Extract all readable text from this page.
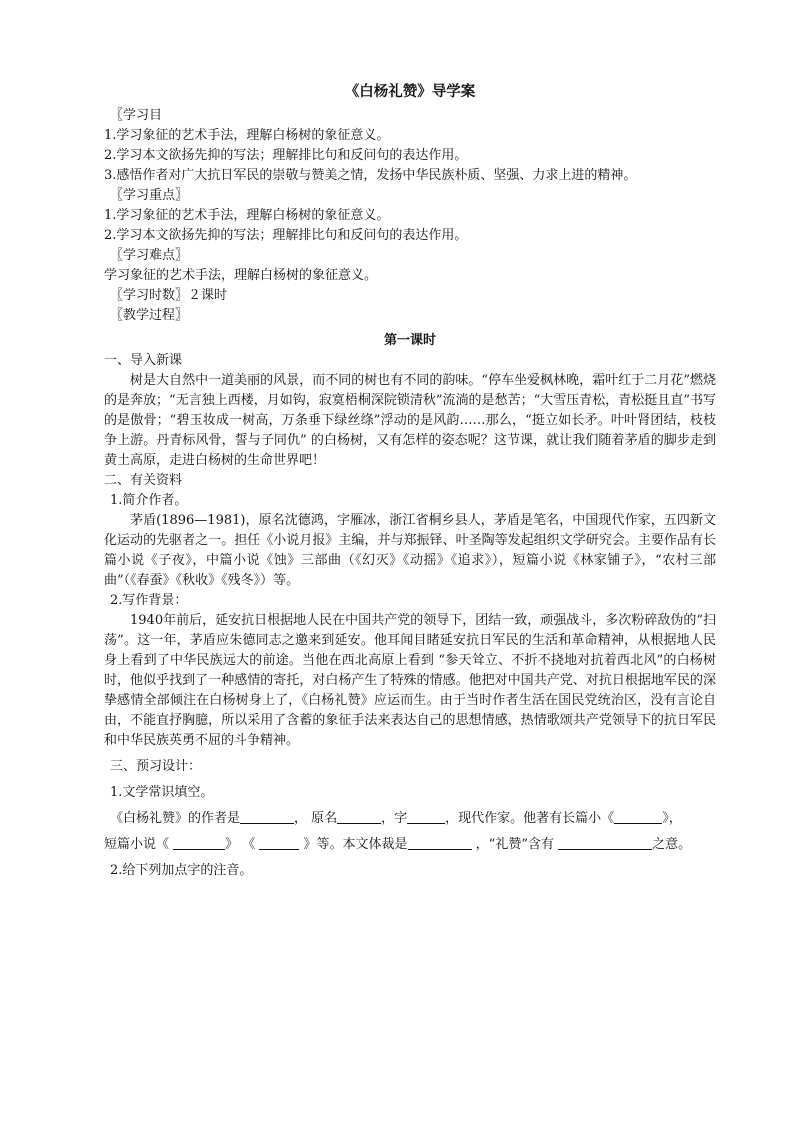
《白杨礼赞》导学案

〖学习目

1.学习象征的艺术手法，理解白杨树的象征意义。

2.学习本文欲扬先抑的写法；理解排比句和反问句的表达作用。

3.感悟作者对广大抗日军民的崇敬与赞美之情，发扬中华民族朴质、坚强、力求上进的精神。

〖学习重点〗

1.学习象征的艺术手法，理解白杨树的象征意义。

2.学习本文欲扬先抑的写法；理解排比句和反问句的表达作用。

〖学习难点〗

学习象征的艺术手法，理解白杨树的象征意义。

〖学习时数〗２课时

〖教学过程〗

第一课时

一、导入新课

树是大自然中一道美丽的风景，而不同的树也有不同的韵味。“停车坐爱枫林晚，霜叶红于二月花”燃烧的是奔放；“无言独上西楼，月如钩，寂寞梧桐深院锁清秋”流淌的是愁苦；“大雪压青松，青松挺且直”书写的是傲骨；“碧玉妆成一树高，万条垂下绿丝绦”浮动的是风韵……那么，“挺立如长矛。叶叶肾团结，枝枝争上游。丹青标风骨，誓与子同仇” 的白杨树，又有怎样的姿态呢？这节课，就让我们随着茅盾的脚步走到黄土高原，走进白杨树的生命世界吧！

二、有关资料

1.简介作者。

茅盾(1896—1981)，原名沈德鸿，字雁冰，浙江省桐乡县人，茅盾是笔名，中国现代作家，五四新文化运动的先驱者之一。担任《小说月报》主编，并与郑振铎、叶圣陶等发起组织文学研究会。主要作品有长篇小说《子夜》，中篇小说《蚀》三部曲（《幻灭》《动摇》《追求》），短篇小说《林家铺子》，“农村三部曲”（《春蚕》《秋收》《残冬》）等。

2.写作背景：

1940年前后，延安抗日根据地人民在中国共产党的领导下，团结一致，顽强战斗，多次粉碎敌伪的“扫荡”。这一年，茅盾应朱德同志之邀来到延安。他耳闻目睹延安抗日军民的生活和革命精神，从根据地人民身上看到了中华民族远大的前途。当他在西北高原上看到 “参天耸立、不折不挠地对抗着西北风”的白杨树时，他似乎找到了一种感情的寄托，对白杨产生了特殊的情感。他把对中国共产党、对抗日根据地军民的深挚感情全部倾注在白杨树身上了，《白杨礼赞》应运而生。由于当时作者生活在国民党统治区，没有言论自由，不能直抒胸臆，所以采用了含蓄的象征手法来表达自己的思想情感，热情歌颂共产党领导下的抗日军民和中华民族英勇不屈的斗争精神。

三、预习设计：

1.文学常识填空。

《白杨礼赞》的作者是	， 原名	，字	，现代作家。他著有长篇小《	》，

短篇小说《	》 《	》等。本文体裁是	，“礼赞”含有	之意。

2.给下列加点字的注音。
